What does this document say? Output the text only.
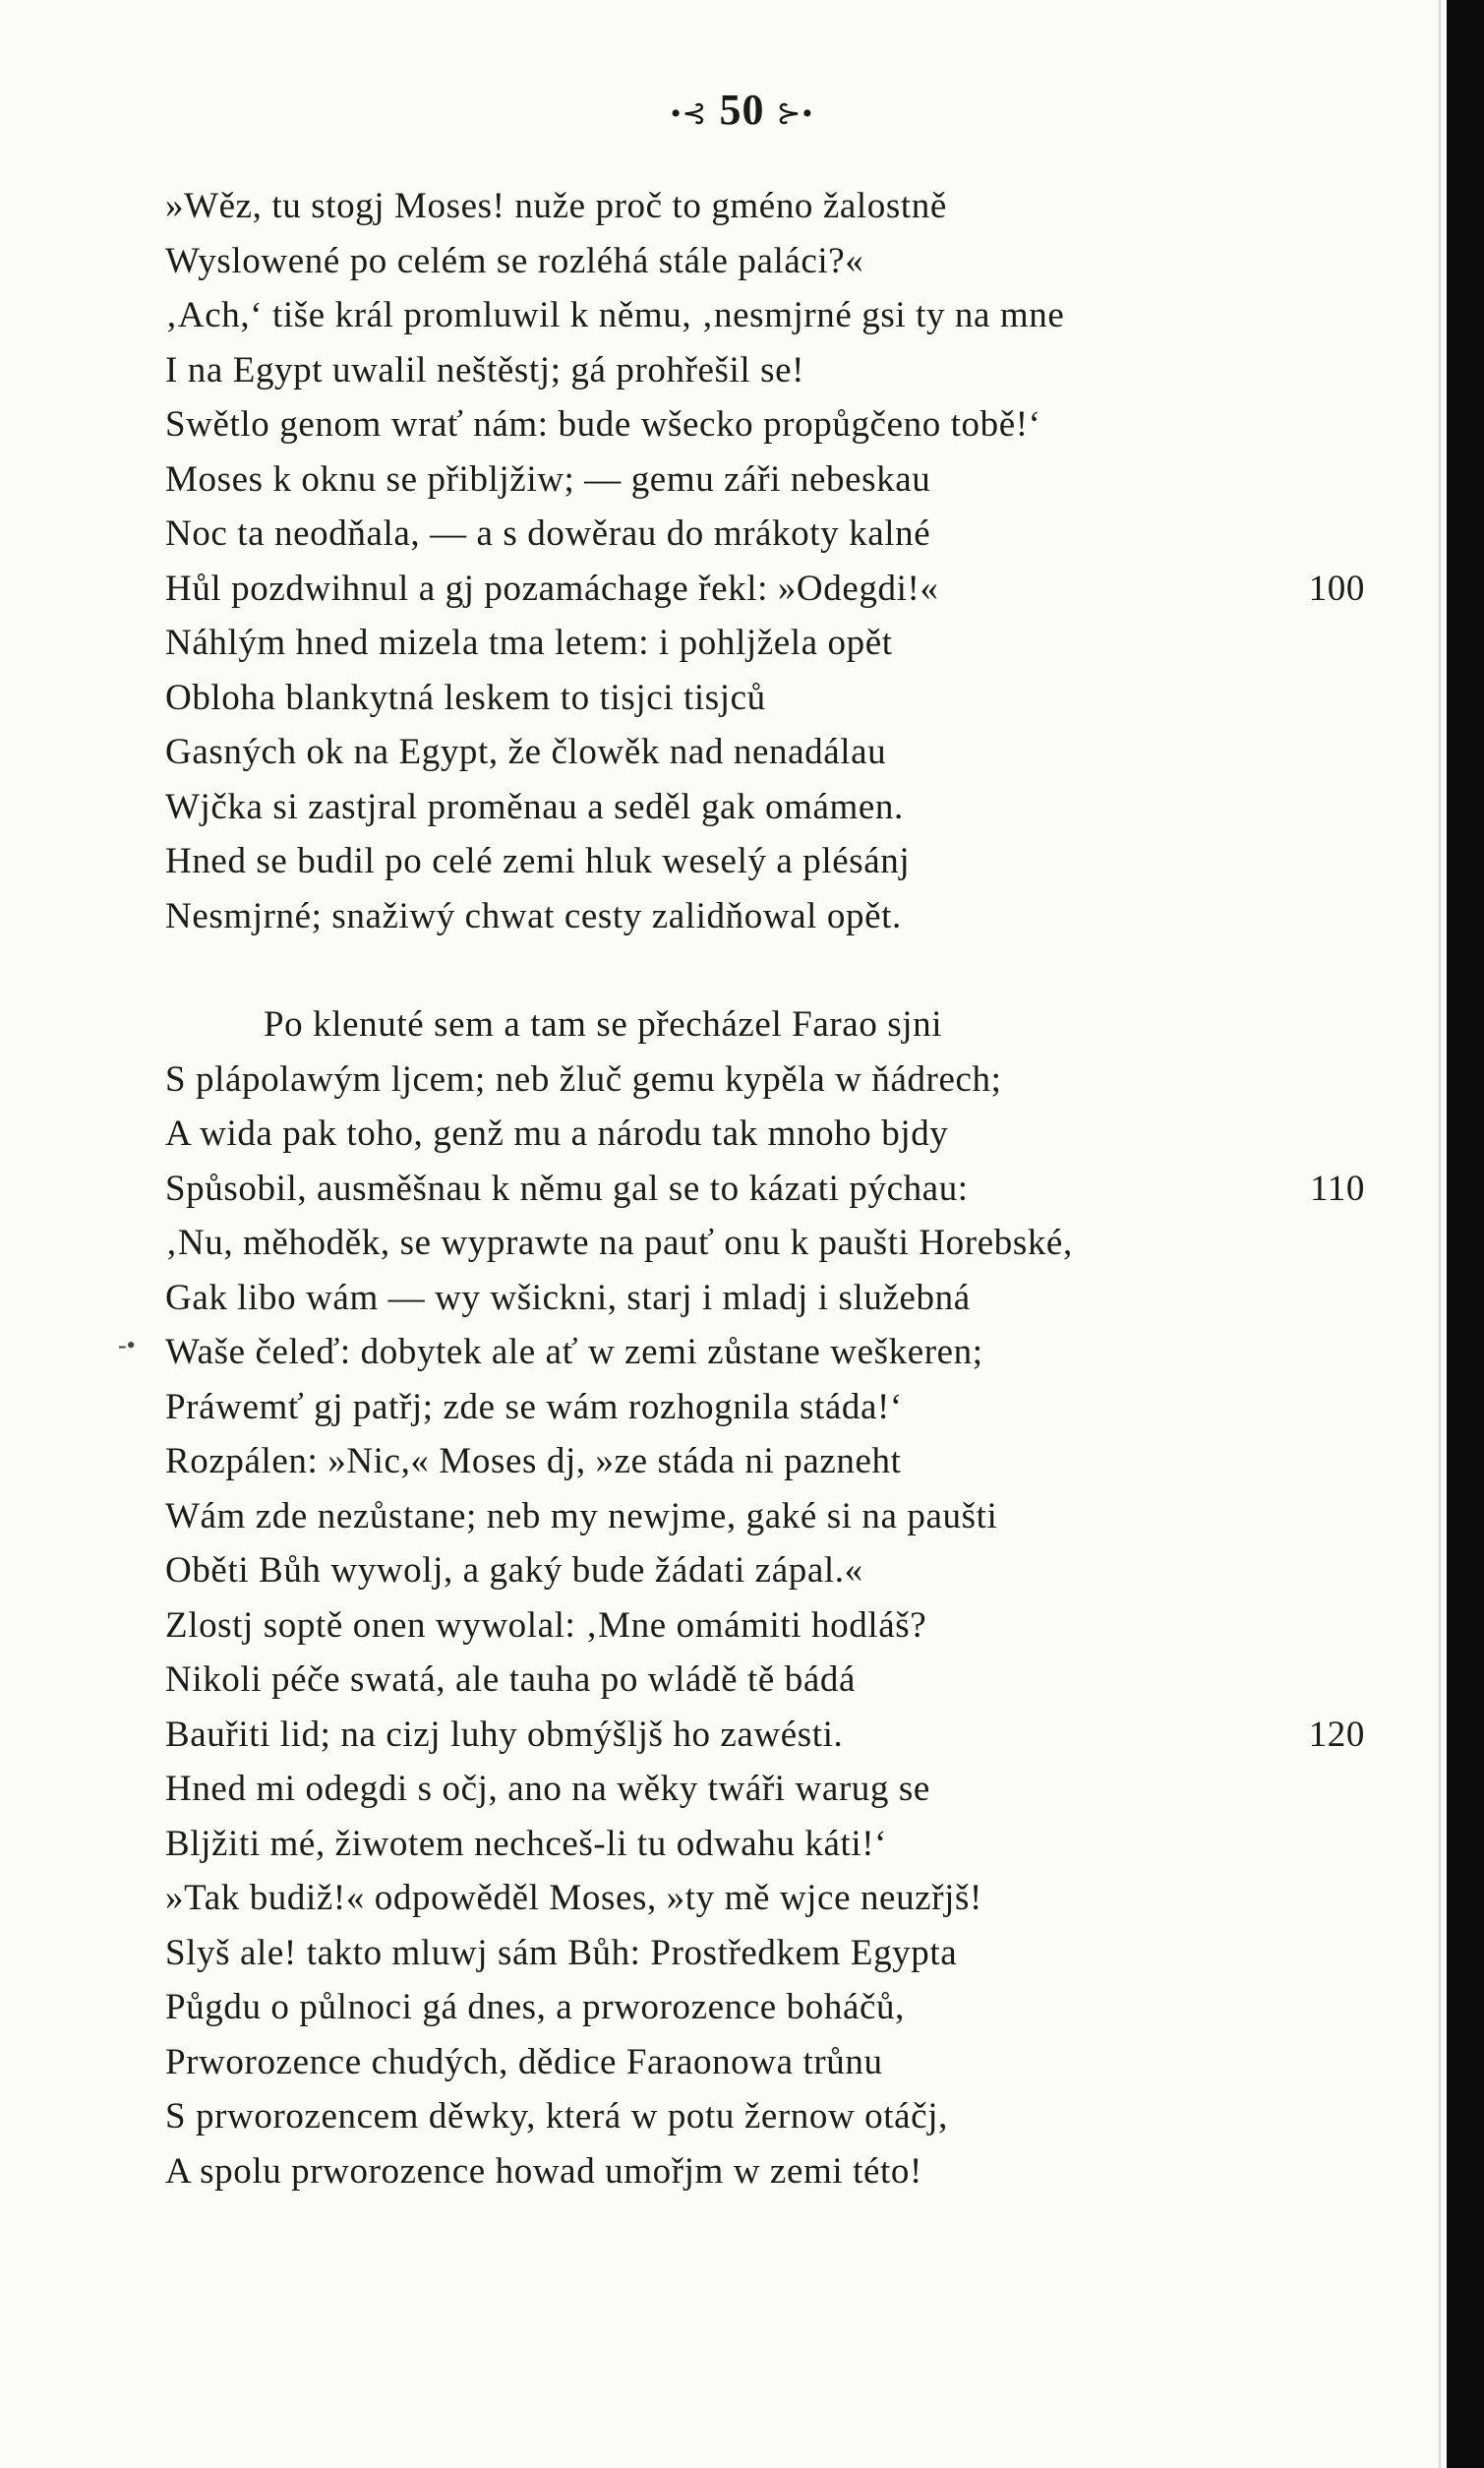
•⊰ 50 ⊱•
»Wěz, tu stogj Moses! nuže proč to gméno žalostně
Wyslowené po celém se rozléhá stále paláci?«
‚Ach,‘ tiše král promluwil k němu, ‚nesmjrné gsi ty na mne
I na Egypt uwalil neštěstj; gá prohřešil se!
Swětlo genom wrať nám: bude wšecko propůgčeno tobě!‘
Moses k oknu se přibljžiw; — gemu záři nebeskau
Noc ta neodňala, — a s dowěrau do mrákoty kalné
Hůl pozdwihnul a gj pozamáchage řekl: »Odegdi!«	100
Náhlým hned mizela tma letem: i pohljžela opět
Obloha blankytná leskem to tisjci tisjců
Gasných ok na Egypt, že člowěk nad nenadálau
Wjčka si zastjral proměnau a seděl gak omámen.
Hned se budil po celé zemi hluk weselý a plésánj
Nesmjrné; snažiwý chwat cesty zalidňowal opět.
Po klenuté sem a tam se přecházel Farao sjni
S plápolawým ljcem; neb žluč gemu kypěla w ňádrech;
A wida pak toho, genž mu a národu tak mnoho bjdy
Spůsobil, ausměšnau k němu gal se to kázati pýchau:	110
‚Nu, měhoděk, se wyprawte na pauť onu k paušti Horebské,
Gak libo wám — wy wšickni, starj i mladj i služebná
Waše čeleď: dobytek ale ať w zemi zůstane weškeren;
Práwemť gj patřj; zde se wám rozhognila stáda!‘
Rozpálen: »Nic,« Moses dj, »ze stáda ni pazneht
Wám zde nezůstane; neb my newjme, gaké si na paušti
Oběti Bůh wywolj, a gaký bude žádati zápal.«
Zlostj soptě onen wywolal: ‚Mne omámiti hodláš?
Nikoli péče swatá, ale tauha po wládě tě bádá
Bauřiti lid; na cizj luhy obmýšljš ho zawésti.	120
Hned mi odegdi s očj, ano na wěky twáři warug se
Bljžiti mé, žiwotem nechceš-li tu odwahu káti!‘
»Tak budiž!« odpowěděl Moses, »ty mě wjce neuzřjš!
Slyš ale! takto mluwj sám Bůh: Prostředkem Egypta
Půgdu o půlnoci gá dnes, a prworozence boháčů,
Prworozence chudých, dědice Faraonowa trůnu
S prworozencem děwky, která w potu žernow otáčj,
A spolu prworozence howad umořjm w zemi této!
-•
